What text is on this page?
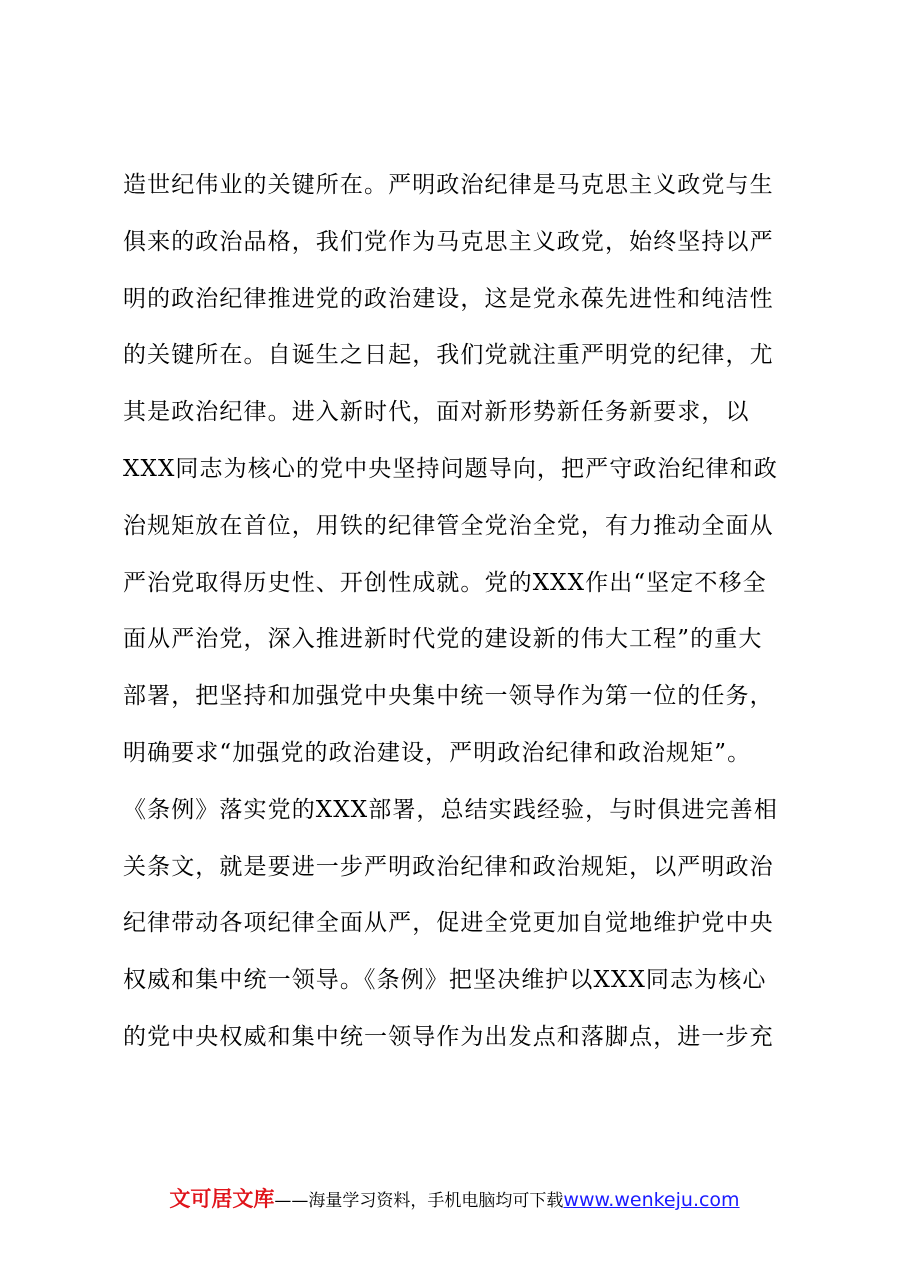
造世纪伟业的关键所在。严明政治纪律是马克思主义政党与生
俱来的政治品格，我们党作为马克思主义政党，始终坚持以严
明的政治纪律推进党的政治建设，这是党永葆先进性和纯洁性
的关键所在。自诞生之日起，我们党就注重严明党的纪律，尤
其是政治纪律。进入新时代，面对新形势新任务新要求，以
XXX同志为核心的党中央坚持问题导向，把严守政治纪律和政
治规矩放在首位，用铁的纪律管全党治全党，有力推动全面从
严治党取得历史性、开创性成就。党的XXX作出“坚定不移全
面从严治党，深入推进新时代党的建设新的伟大工程”的重大
部署，把坚持和加强党中央集中统一领导作为第一位的任务，
明确要求“加强党的政治建设，严明政治纪律和政治规矩”。
《条例》落实党的XXX部署，总结实践经验，与时俱进完善相
关条文，就是要进一步严明政治纪律和政治规矩，以严明政治
纪律带动各项纪律全面从严，促进全党更加自觉地维护党中央
权威和集中统一领导。《条例》把坚决维护以XXX同志为核心
的党中央权威和集中统一领导作为出发点和落脚点，进一步充
文可居文库——海量学习资料，手机电脑均可下载www.wenkeju.com
